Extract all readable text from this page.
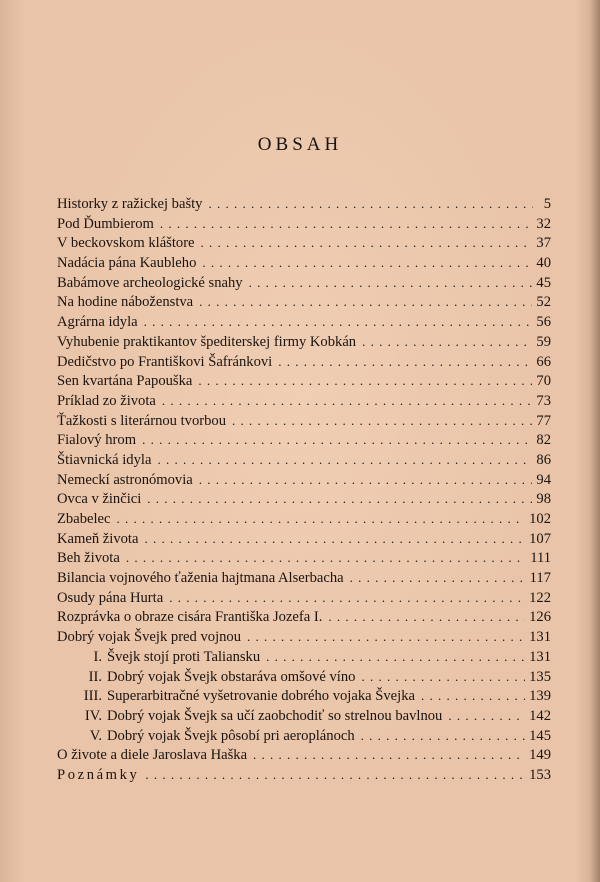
OBSAH
Historky z ražickej bašty . . .	5
Pod Ďumbierom . . .	32
V beckovskom kláštore . . .	37
Nadácia pána Kaubleho . . .	40
Babámove archeologické snahy . . .	45
Na hodine náboženstva . . .	52
Agrárna idyla . . .	56
Vyhubenie praktikantov špediterskej firmy Kobkán . . .	59
Dedičstvo po Františkovi Šafránkovi . . .	66
Sen kvartána Papouška . . .	70
Príklad zo života . . .	73
Ťažkosti s literárnou tvorbou . . .	77
Fialový hrom . . .	82
Štiavnická idyla . . .	86
Nemeckí astronómovia . . .	94
Ovca v žinčici . . .	98
Zbabelec . . .	102
Kameň života . . .	107
Beh života . . .	111
Bilancia vojnového ťaženia hajtmana Alserbacha . . .	117
Osudy pána Hurta . . .	122
Rozprávka o obraze cisára Františka Jozefa I. . . .	126
Dobrý vojak Švejk pred vojnou . . .	131
I. Švejk stojí proti Taliansku . . .	131
II. Dobrý vojak Švejk obstaráva omšové víno . . .	135
III. Superarbitračné vyšetrovanie dobrého vojaka Švejka . . .	139
IV. Dobrý vojak Švejk sa učí zaobchodiť so strelnou bavlnou . . .	142
V. Dobrý vojak Švejk pôsobí pri aeroplánoch . . .	145
O živote a diele Jaroslava Haška . . .	149
Poznámky . . .	153
